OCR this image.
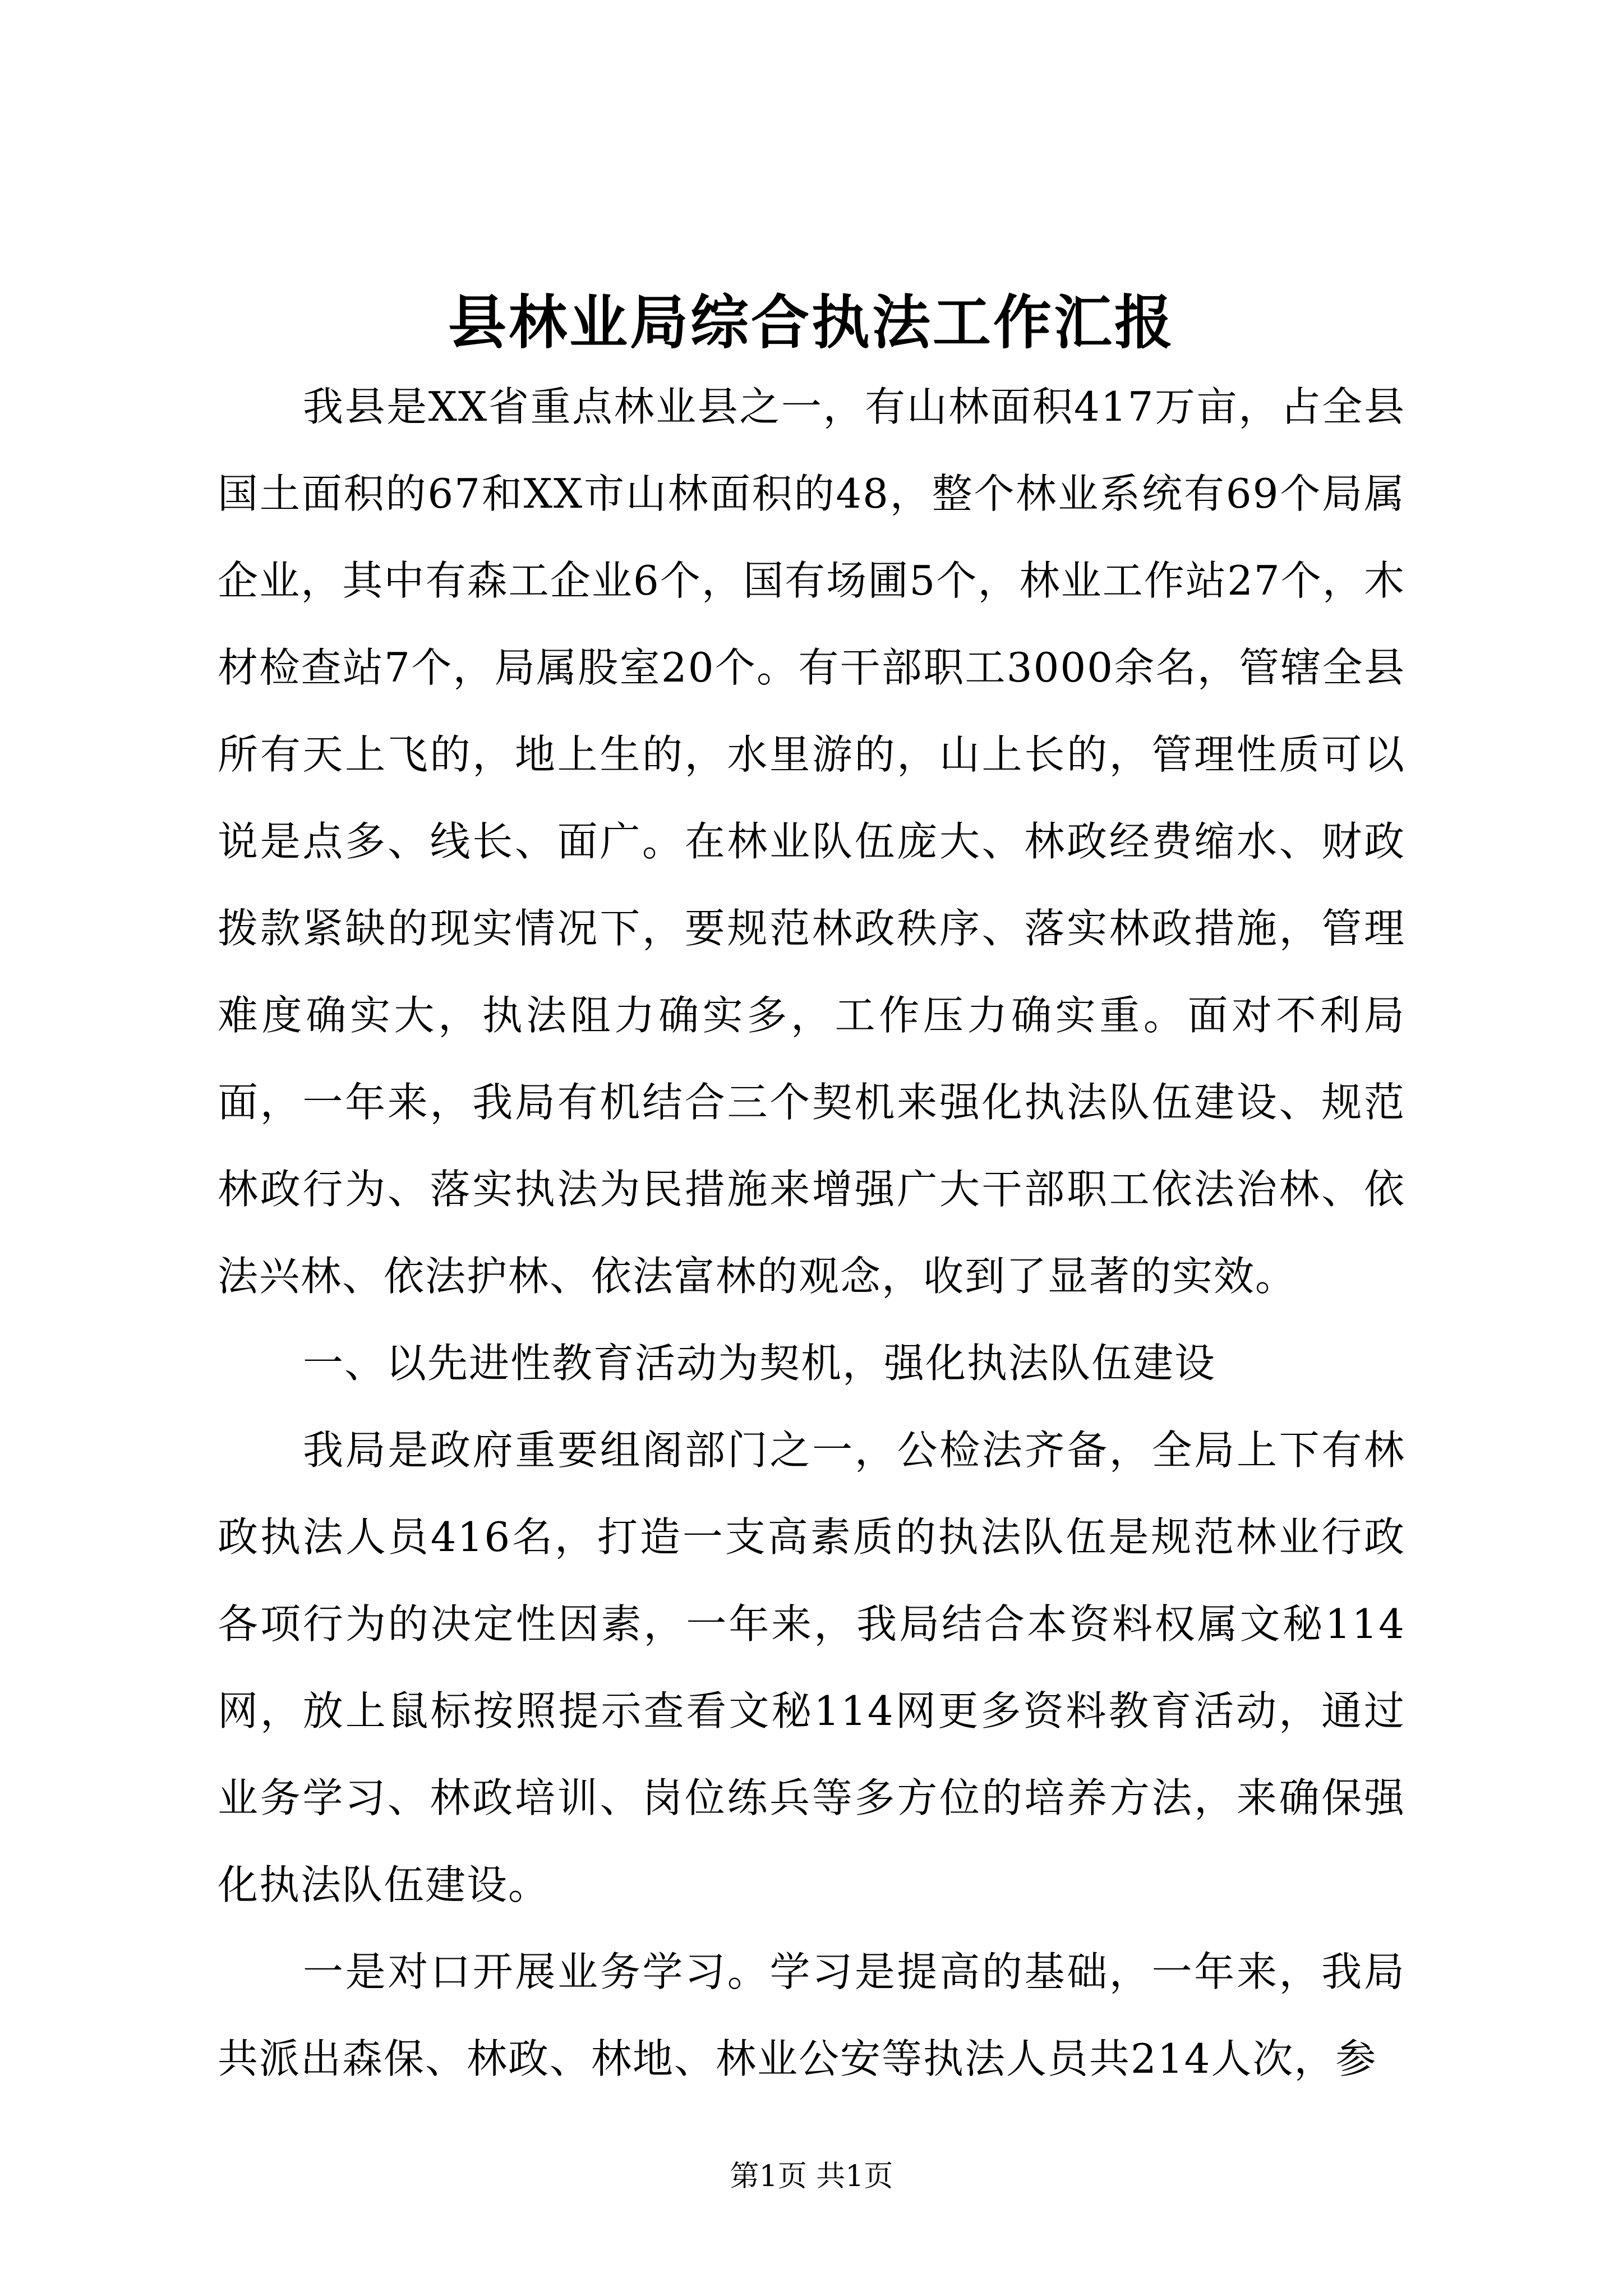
县林业局综合执法工作汇报

我县是XX省重点林业县之一，有山林面积417万亩，占全县国土面积的67和XX市山林面积的48，整个林业系统有69个局属企业，其中有森工企业6个，国有场圃5个，林业工作站27个，木材检查站7个，局属股室20个。有干部职工3000余名，管辖全县所有天上飞的，地上生的，水里游的，山上长的，管理性质可以说是点多、线长、面广。在林业队伍庞大、林政经费缩水、财政拨款紧缺的现实情况下，要规范林政秩序、落实林政措施，管理难度确实大，执法阻力确实多，工作压力确实重。面对不利局面，一年来，我局有机结合三个契机来强化执法队伍建设、规范林政行为、落实执法为民措施来增强广大干部职工依法治林、依法兴林、依法护林、依法富林的观念，收到了显著的实效。

一、以先进性教育活动为契机，强化执法队伍建设

我局是政府重要组阁部门之一，公检法齐备，全局上下有林政执法人员416名，打造一支高素质的执法队伍是规范林业行政各项行为的决定性因素，一年来，我局结合本资料权属文秘114网，放上鼠标按照提示查看文秘114网更多资料教育活动，通过业务学习、林政培训、岗位练兵等多方位的培养方法，来确保强化执法队伍建设。

一是对口开展业务学习。学习是提高的基础，一年来，我局共派出森保、林政、林地、林业公安等执法人员共214人次，参

第1页 共1页
